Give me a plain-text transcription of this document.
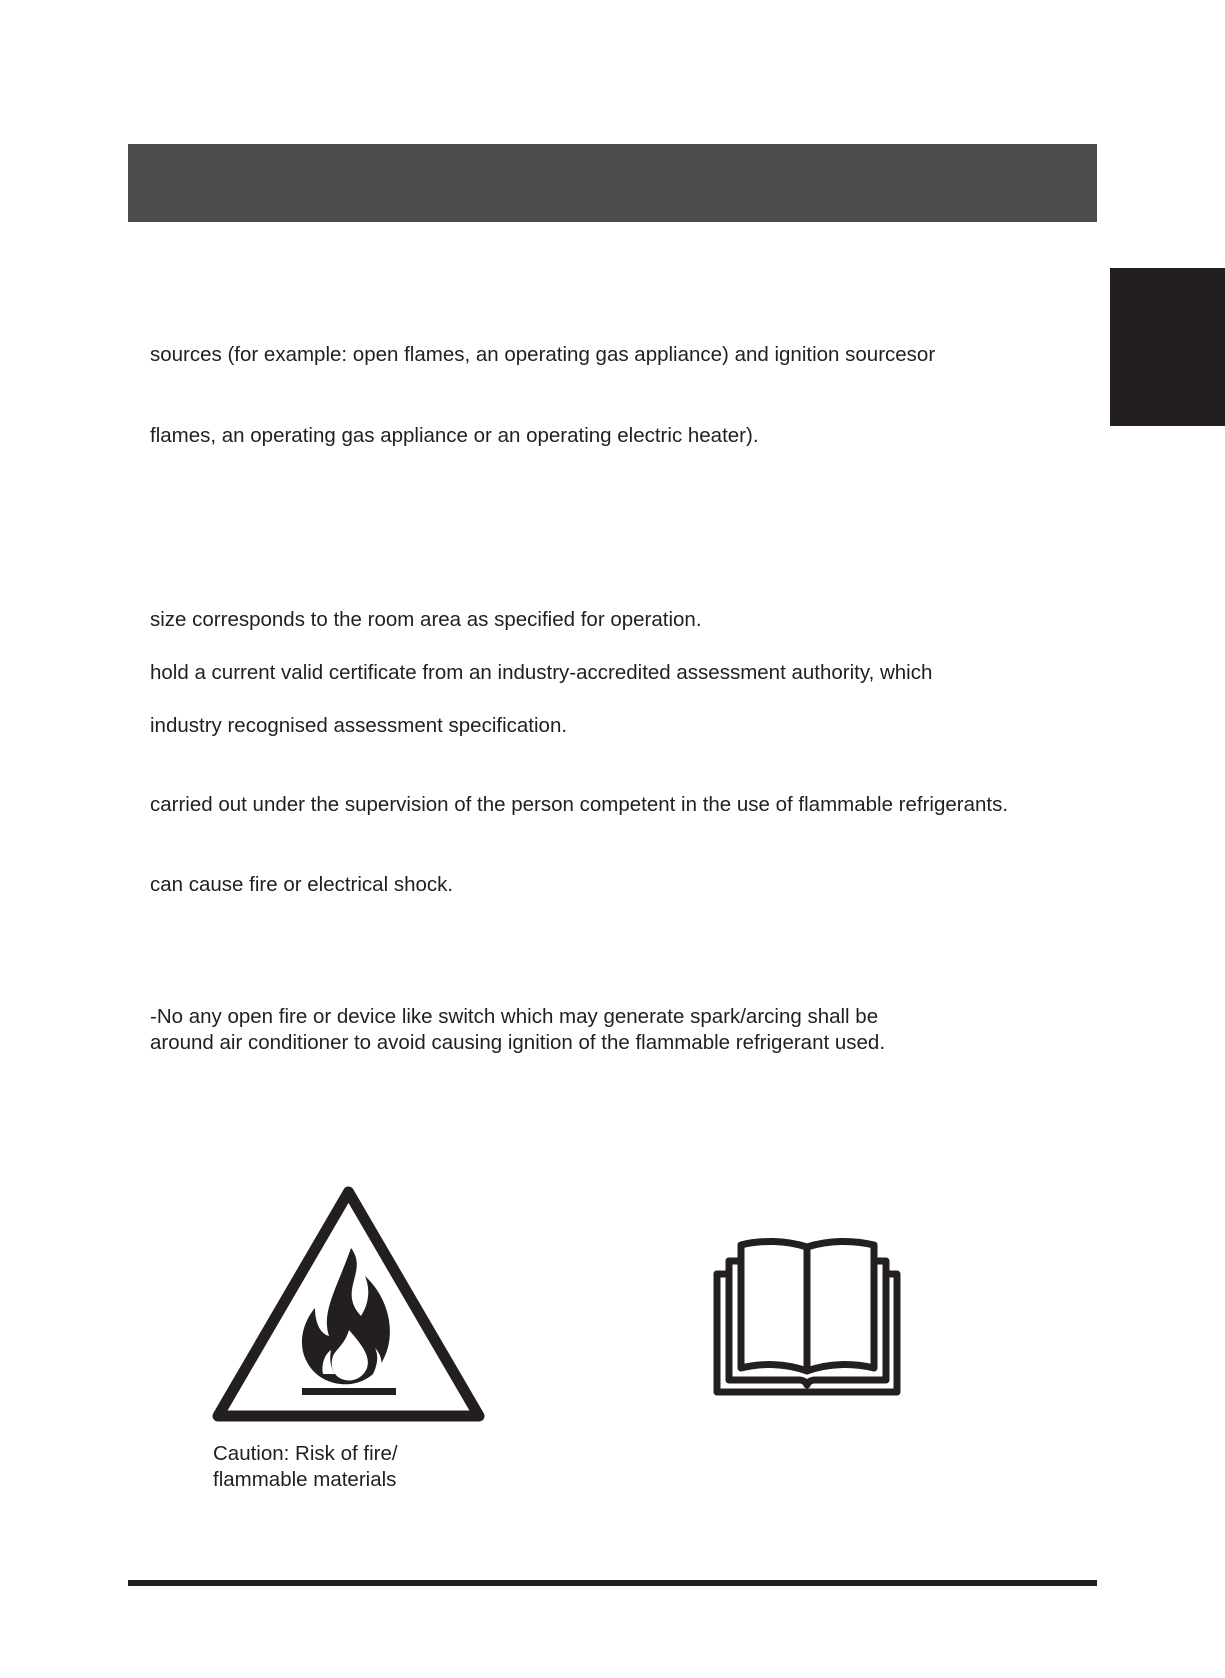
sources (for example: open flames, an operating gas appliance) and ignition sourcesor
flames, an operating gas appliance or an operating electric heater).
size corresponds to the room area as specified for operation.
hold a current valid certificate from an industry-accredited assessment authority, which
industry recognised assessment specification.
carried out under the supervision of the person competent in the use of flammable refrigerants.
can cause fire or electrical shock.
-No any open fire or device like switch which may generate spark/arcing shall be
around air conditioner to avoid causing ignition of the flammable refrigerant used.
Caution: Risk of fire/
flammable materials
